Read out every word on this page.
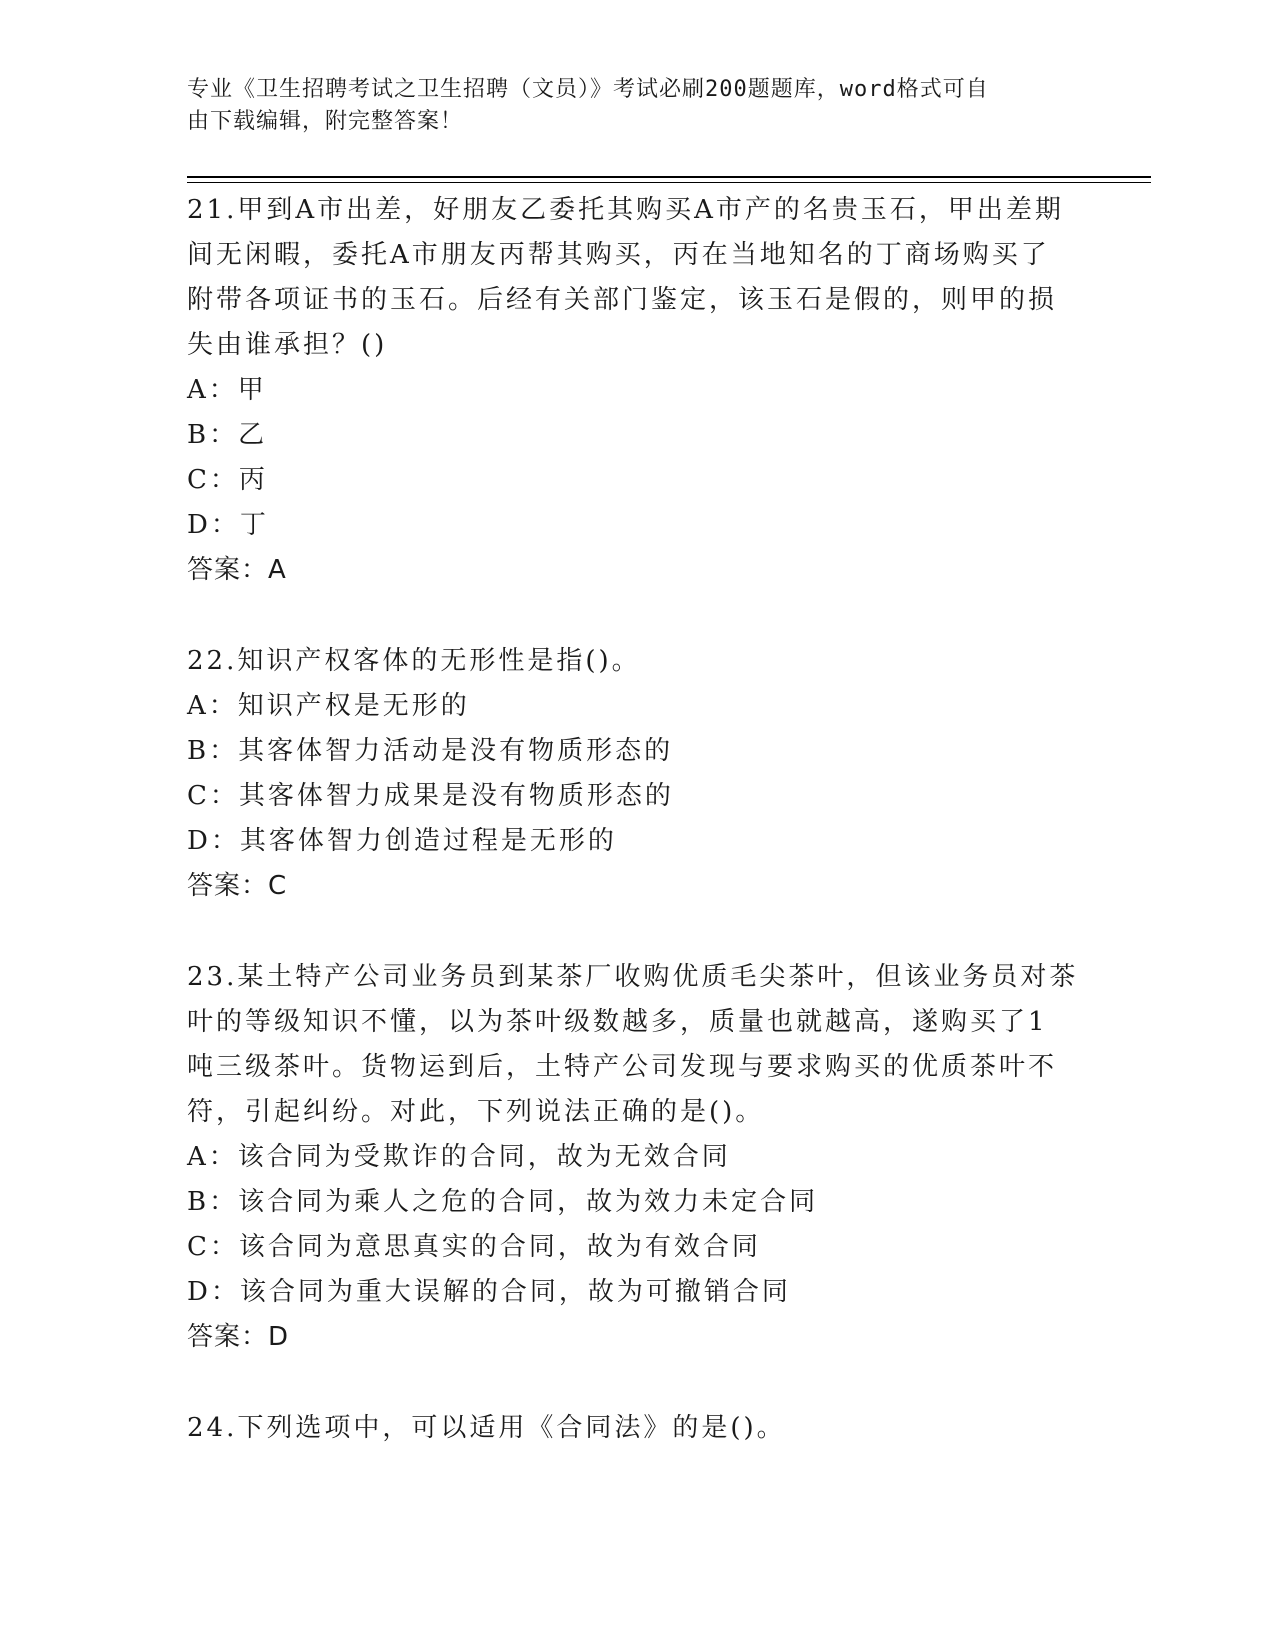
专业《卫生招聘考试之卫生招聘（文员）》考试必刷200题题库，word格式可自
由下载编辑，附完整答案！

21.甲到A市出差，好朋友乙委托其购买A市产的名贵玉石，甲出差期

间无闲暇，委托A市朋友丙帮其购买，丙在当地知名的丁商场购买了

附带各项证书的玉石。后经有关部门鉴定，该玉石是假的，则甲的损

失由谁承担？()

A：甲

B：乙

C：丙

D：丁

答案：A

22.知识产权客体的无形性是指()。

A：知识产权是无形的

B：其客体智力活动是没有物质形态的

C：其客体智力成果是没有物质形态的

D：其客体智力创造过程是无形的

答案：C

23.某土特产公司业务员到某茶厂收购优质毛尖茶叶，但该业务员对茶

叶的等级知识不懂，以为茶叶级数越多，质量也就越高，遂购买了1

吨三级茶叶。货物运到后，土特产公司发现与要求购买的优质茶叶不

符，引起纠纷。对此，下列说法正确的是()。

A：该合同为受欺诈的合同，故为无效合同

B：该合同为乘人之危的合同，故为效力未定合同

C：该合同为意思真实的合同，故为有效合同

D：该合同为重大误解的合同，故为可撤销合同

答案：D

24.下列选项中，可以适用《合同法》的是()。
